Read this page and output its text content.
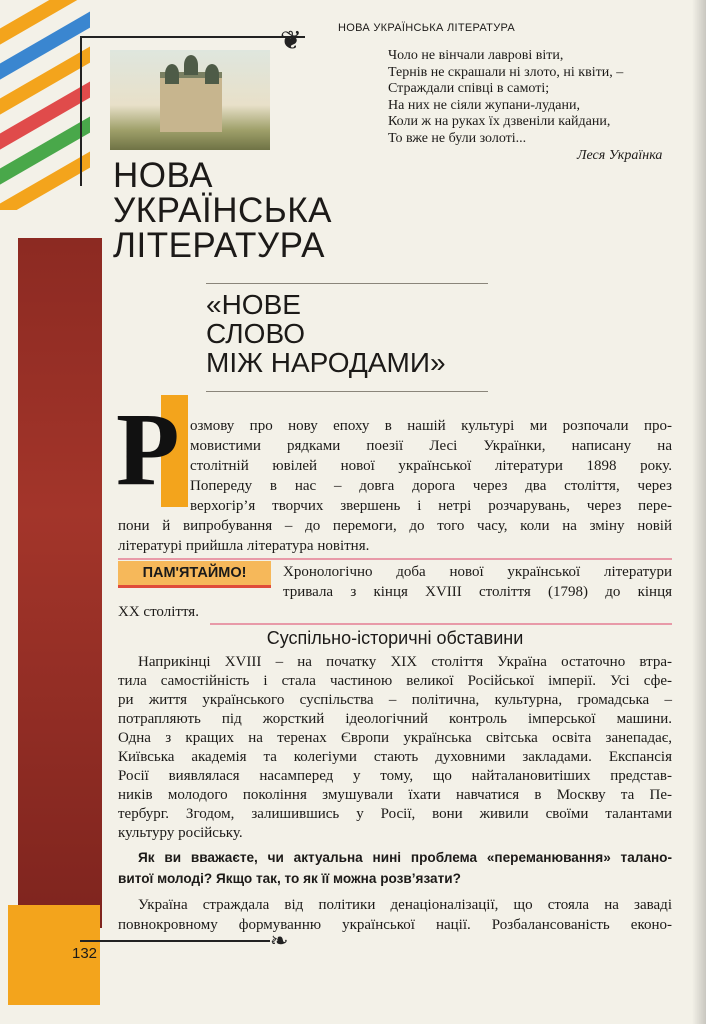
132
НОВА УКРАЇНСЬКА ЛІТЕРАТУРА
❦
Чоло не вінчали лаврові віти,
Тернів не скрашали ні злото, ні квіти, –
Страждали співці в самоті;
На них не сіяли жупани-лудани,
Коли ж на руках їх дзвеніли кайдани,
То вже не були золоті...
Леся Українка
НОВА
УКРАЇНСЬКА
ЛІТЕРАТУРА
«НОВЕ
СЛОВО
МІЖ НАРОДАМИ»
Р озмову про нову епоху в нашій культурі ми розпочали про-
мовистими рядками поезії Лесі Українки, написану на
столітній ювілей нової української літератури 1898 року.
Попереду в нас – довга дорога через два століття, через
верхогір’я творчих звершень і нетрі розчарувань, через пере-
пони й випробування – до перемоги, до того часу, коли на зміну новій
літературі прийшла література новітня.
ПАМ'ЯТАЙМО!	Хронологічно доба нової української літератури
тривала з кінця XVIII століття (1798) до кінця
XX століття.
Суспільно-історичні обставини
Наприкінці XVIII – на початку XIX століття Україна остаточно втра-
тила самостійність і стала частиною великої Російської імперії. Усі сфе-
ри життя українського суспільства – політична, культурна, громадська –
потрапляють під жорсткий ідеологічний контроль імперської машини.
Одна з кращих на теренах Європи українська світська освіта занепадає,
Київська академія та колегіуми стають духовними закладами. Експансія
Росії виявлялася насамперед у тому, що найталановитіших представ-
ників молодого покоління змушували їхати навчатися в Москву та Пе-
тербург. Згодом, залишившись у Росії, вони живили своїми талантами
культуру російську.
Як ви вважаєте, чи актуальна нині проблема «переманювання» талано-
витої молоді? Якщо так, то як її можна розв’язати?
Україна страждала від політики денаціоналізації, що стояла на заваді
повнокровному формуванню української нації. Розбалансованість еконо-
❧
